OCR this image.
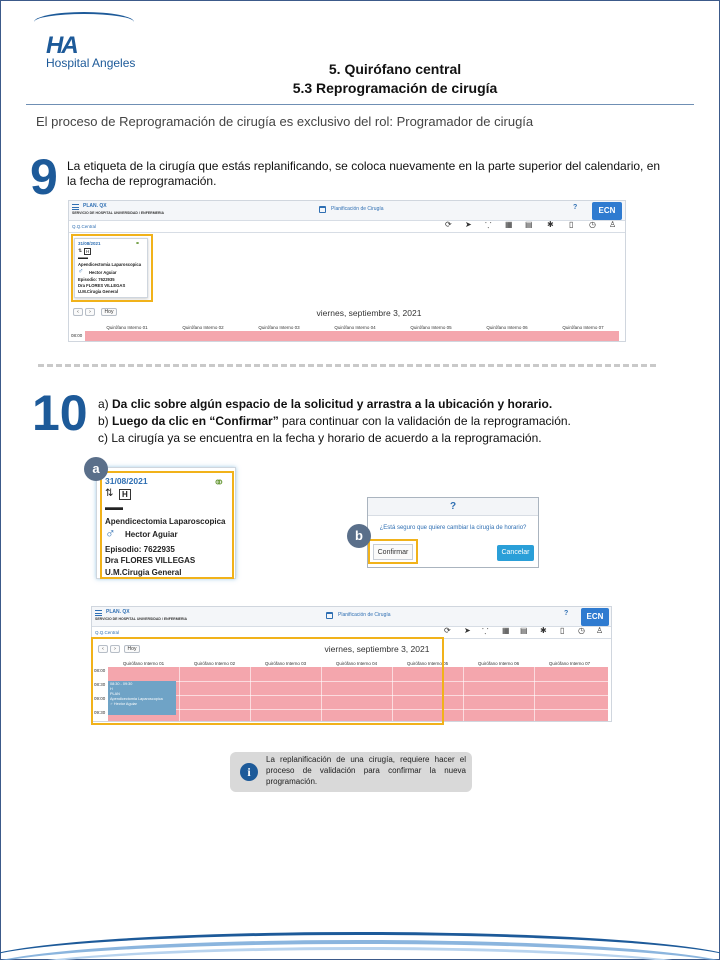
HA
Hospital Angeles	5. Quirófano central
5.3 Reprogramación de cirugía
El proceso de Reprogramación de cirugía es exclusivo del rol: Programador de cirugía
9 La etiqueta de la cirugía que estás replanificando, se coloca nuevamente en la parte superior del calendario, en la fecha de reprogramación.
PLAN. QX
SERVICIO DE HOSPITAL UNIVERSIDAD / ENFERMERIA
Planificación de Cirugía	?	ECN
Q.Q.Central	⟳ ➤ ⸪ ▦ ▤ ✱ ▯ ◷ ♙
31/08/2021	⚭
⇅ H
▬▬
Apendicectomia Laparoscopica
♂ Hector Aguiar
Episodio: 7622935
Dra FLORES VILLEGAS
U.M.Cirugia General
‹	›	Hoy	viernes, septiembre 3, 2021
Quirófano Interno 01	Quirófano Interno 02	Quirófano Interno 03	Quirófano Interno 04	Quirófano Interno 05	Quirófano Interno 06	Quirófano Interno 07
08:00
10 a) Da clic sobre algún espacio de la solicitud y arrastra a la ubicación y horario.
b) Luego da clic en “Confirmar” para continuar con la validación de la reprogramación.
c) La cirugía ya se encuentra en la fecha y horario de acuerdo a la reprogramación.
31/08/2021	⚭
⇅	H
▬▬
Apendicectomia Laparoscopica
♂ Hector Aguiar
Episodio: 7622935
Dra FLORES VILLEGAS
U.M.Cirugia General
a
?
¿Está seguro que quiere cambiar la cirugía de horario?
Confirmar	Cancelar
b
PLAN. QX
SERVICIO DE HOSPITAL UNIVERSIDAD / ENFERMERIA
Planificación de Cirugía	?	ECN
Q.Q.Central	⟳ ➤ ⸪ ▦ ▤ ✱ ▯ ◷ ♙
‹	›	Hoy	viernes, septiembre 3, 2021
Quirófano Interno 01	Quirófano Interno 02	Quirófano Interno 03	Quirófano Interno 04	Quirófano Interno 05	Quirófano Interno 06	Quirófano Interno 07
08:00
08:30
09:00
09:30
08:30 - 09:30
H
PLAN
Apendicectomia Laparoscopica
♂ Hector Aguiar
i
La replanificación de una cirugía, requiere hacer el proceso de validación para confirmar la nueva programación.
